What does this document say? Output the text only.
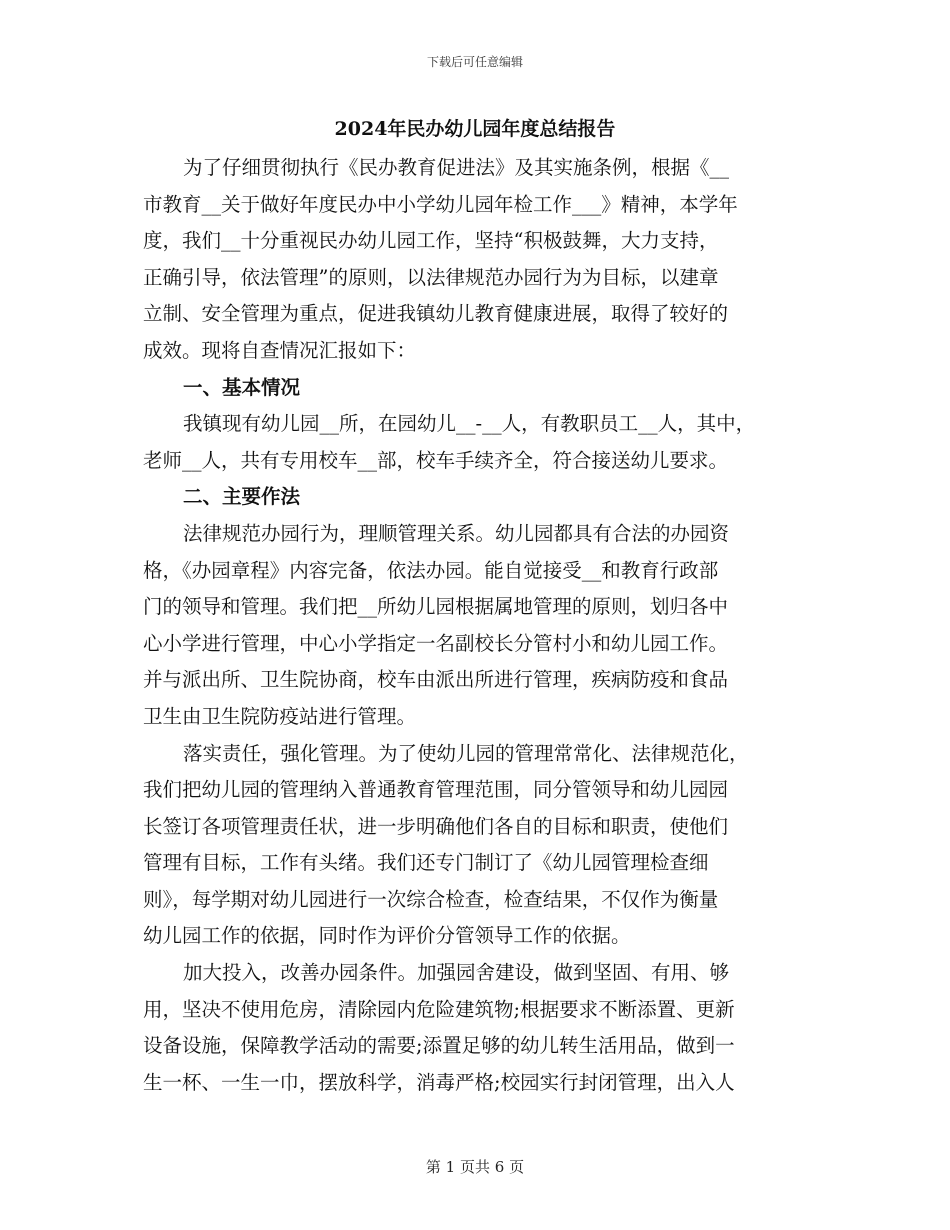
下载后可任意编辑
2024年民办幼儿园年度总结报告
为了仔细贯彻执行《民办教育促进法》及其实施条例，根据《__
市教育__关于做好年度民办中小学幼儿园年检工作___》精神，本学年
度，我们__十分重视民办幼儿园工作，坚持“积极鼓舞，大力支持，
正确引导，依法管理”的原则，以法律规范办园行为为目标，以建章
立制、安全管理为重点，促进我镇幼儿教育健康进展，取得了较好的
成效。现将自查情况汇报如下：
一、基本情况
我镇现有幼儿园__所，在园幼儿__-__人，有教职员工__人，其中，
老师__人，共有专用校车__部，校车手续齐全，符合接送幼儿要求。
二、主要作法
法律规范办园行为，理顺管理关系。幼儿园都具有合法的办园资
格，《办园章程》内容完备，依法办园。能自觉接受__和教育行政部
门的领导和管理。我们把__所幼儿园根据属地管理的原则，划归各中
心小学进行管理，中心小学指定一名副校长分管村小和幼儿园工作。
并与派出所、卫生院协商，校车由派出所进行管理，疾病防疫和食品
卫生由卫生院防疫站进行管理。
落实责任，强化管理。为了使幼儿园的管理常常化、法律规范化，
我们把幼儿园的管理纳入普通教育管理范围，同分管领导和幼儿园园
长签订各项管理责任状，进一步明确他们各自的目标和职责，使他们
管理有目标，工作有头绪。我们还专门制订了《幼儿园管理检查细
则》，每学期对幼儿园进行一次综合检查，检查结果，不仅作为衡量
幼儿园工作的依据，同时作为评价分管领导工作的依据。
加大投入，改善办园条件。加强园舍建设，做到坚固、有用、够
用，坚决不使用危房，清除园内危险建筑物;根据要求不断添置、更新
设备设施，保障教学活动的需要;添置足够的幼儿转生活用品，做到一
生一杯、一生一巾，摆放科学，消毒严格;校园实行封闭管理，出入人
第 1 页共 6 页
